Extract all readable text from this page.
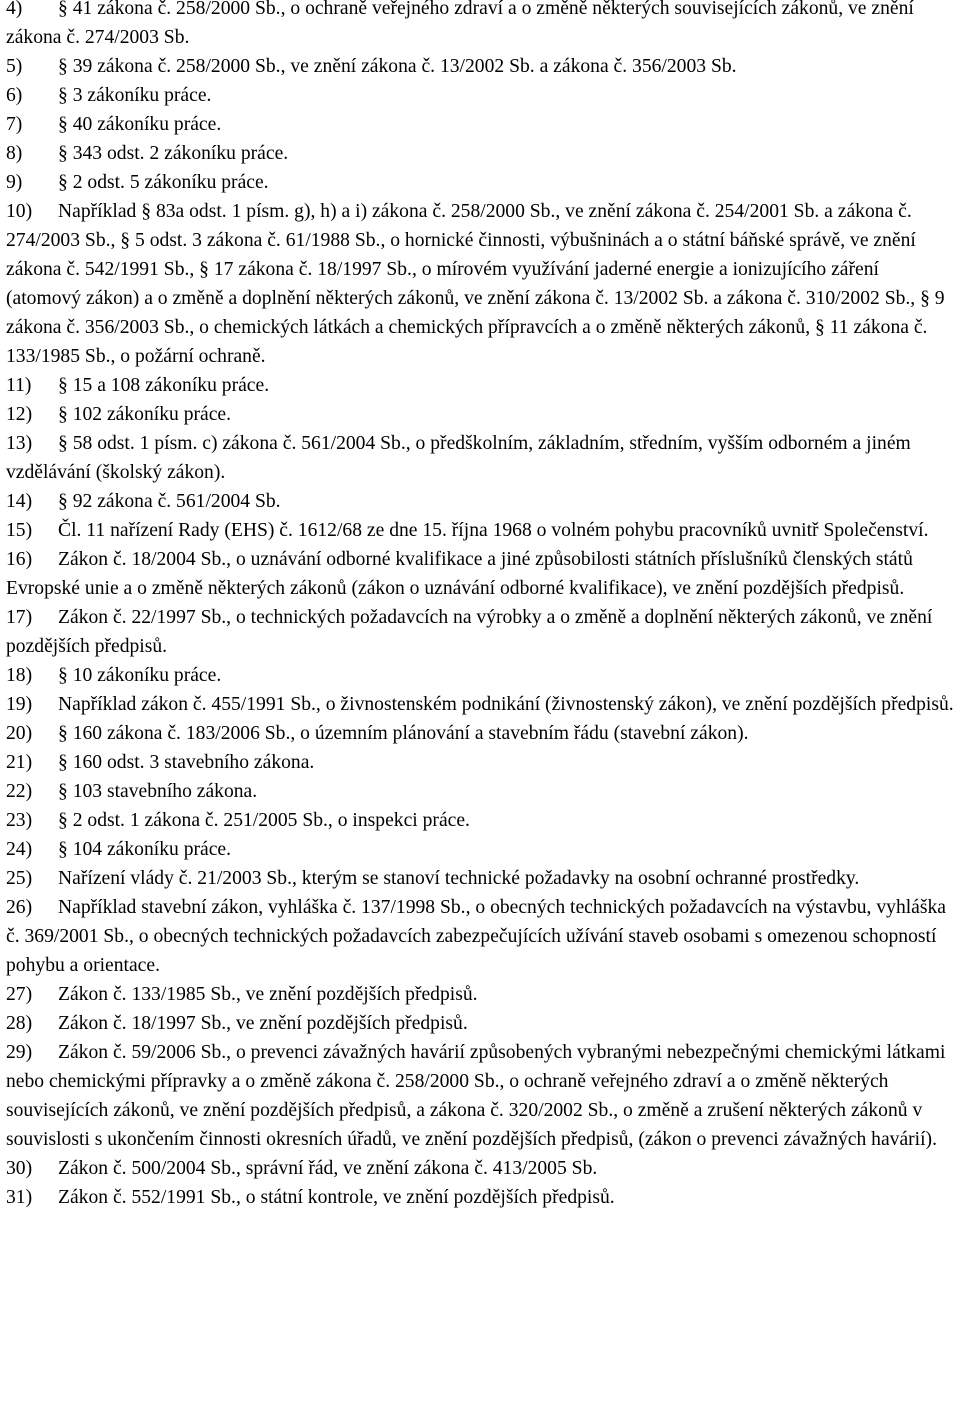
4)	§ 41 zákona č. 258/2000 Sb., o ochraně veřejného zdraví a o změně některých souvisejících zákonů, ve znění zákona č. 274/2003 Sb.
5)	§ 39 zákona č. 258/2000 Sb., ve znění zákona č. 13/2002 Sb. a zákona č. 356/2003 Sb.
6)	§ 3 zákoníku práce.
7)	§ 40 zákoníku práce.
8)	§ 343 odst. 2 zákoníku práce.
9)	§ 2 odst. 5 zákoníku práce.
10)	Například § 83a odst. 1 písm. g), h) a i) zákona č. 258/2000 Sb., ve znění zákona č. 254/2001 Sb. a zákona č. 274/2003 Sb., § 5 odst. 3 zákona č. 61/1988 Sb., o hornické činnosti, výbušninách a o státní báňské správě, ve znění zákona č. 542/1991 Sb., § 17 zákona č. 18/1997 Sb., o mírovém využívání jaderné energie a ionizujícího záření (atomový zákon) a o změně a doplnění některých zákonů, ve znění zákona č. 13/2002 Sb. a zákona č. 310/2002 Sb., § 9 zákona č. 356/2003 Sb., o chemických látkách a chemických přípravcích a o změně některých zákonů, § 11 zákona č. 133/1985 Sb., o požární ochraně.
11)	§ 15 a 108 zákoníku práce.
12)	§ 102 zákoníku práce.
13)	§ 58 odst. 1 písm. c) zákona č. 561/2004 Sb., o předškolním, základním, středním, vyšším odborném a jiném vzdělávání (školský zákon).
14)	§ 92 zákona č. 561/2004 Sb.
15)	Čl. 11 nařízení Rady (EHS) č. 1612/68 ze dne 15. října 1968 o volném pohybu pracovníků uvnitř Společenství.
16)	Zákon č. 18/2004 Sb., o uznávání odborné kvalifikace a jiné způsobilosti státních příslušníků členských států Evropské unie a o změně některých zákonů (zákon o uznávání odborné kvalifikace), ve znění pozdějších předpisů.
17)	Zákon č. 22/1997 Sb., o technických požadavcích na výrobky a o změně a doplnění některých zákonů, ve znění pozdějších předpisů.
18)	§ 10 zákoníku práce.
19)	Například zákon č. 455/1991 Sb., o živnostenském podnikání (živnostenský zákon), ve znění pozdějších předpisů.
20)	§ 160 zákona č. 183/2006 Sb., o územním plánování a stavebním řádu (stavební zákon).
21)	§ 160 odst. 3 stavebního zákona.
22)	§ 103 stavebního zákona.
23)	§ 2 odst. 1 zákona č. 251/2005 Sb., o inspekci práce.
24)	§ 104 zákoníku práce.
25)	Nařízení vlády č. 21/2003 Sb., kterým se stanoví technické požadavky na osobní ochranné prostředky.
26)	Například stavební zákon, vyhláška č. 137/1998 Sb., o obecných technických požadavcích na výstavbu, vyhláška č. 369/2001 Sb., o obecných technických požadavcích zabezpečujících užívání staveb osobami s omezenou schopností pohybu a orientace.
27)	Zákon č. 133/1985 Sb., ve znění pozdějších předpisů.
28)	Zákon č. 18/1997 Sb., ve znění pozdějších předpisů.
29)	Zákon č. 59/2006 Sb., o prevenci závažných havárií způsobených vybranými nebezpečnými chemickými látkami nebo chemickými přípravky a o změně zákona č. 258/2000 Sb., o ochraně veřejného zdraví a o změně některých souvisejících zákonů, ve znění pozdějších předpisů, a zákona č. 320/2002 Sb., o změně a zrušení některých zákonů v souvislosti s ukončením činnosti okresních úřadů, ve znění pozdějších předpisů, (zákon o prevenci závažných havárií).
30)	Zákon č. 500/2004 Sb., správní řád, ve znění zákona č. 413/2005 Sb.
31)	Zákon č. 552/1991 Sb., o státní kontrole, ve znění pozdějších předpisů.
